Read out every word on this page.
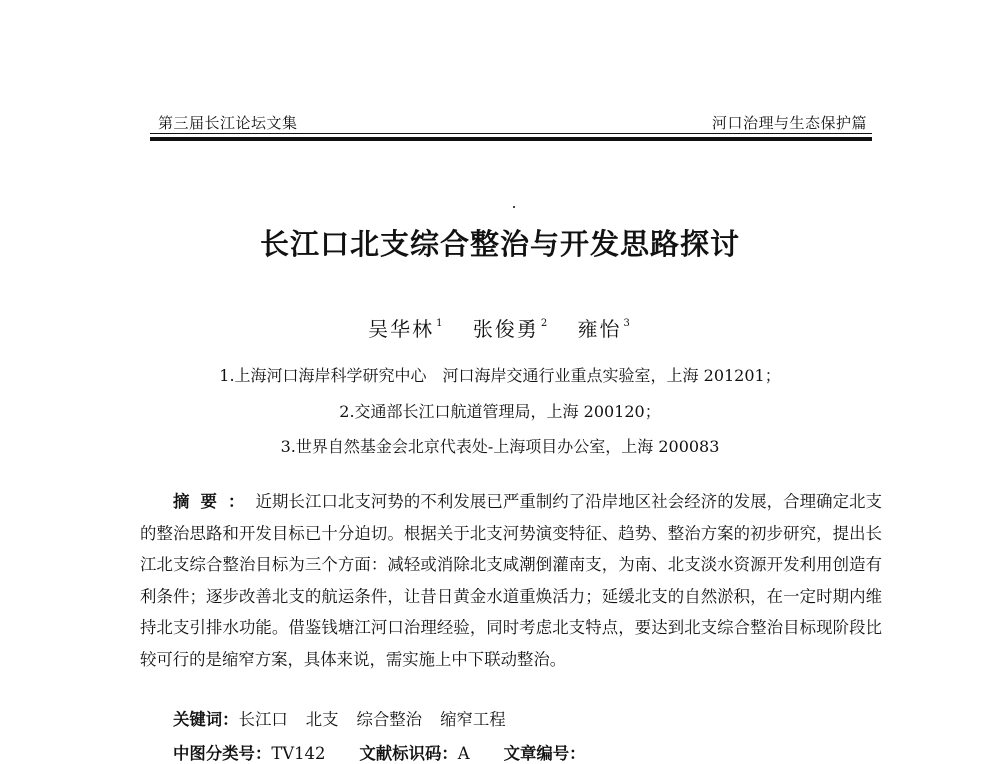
第三届长江论坛文集	河口治理与生态保护篇
长江口北支综合整治与开发思路探讨
吴华林 $^1$ 张俊勇 $^2$ 雍怡 $^3$
1.上海河口海岸科学研究中心　河口海岸交通行业重点实验室，上海 201201；
2.交通部长江口航道管理局，上海 200120；
3.世界自然基金会北京代表处-上海项目办公室，上海 200083
摘要：近期长江口北支河势的不利发展已严重制约了沿岸地区社会经济的发展，合理确定北支的整治思路和开发目标已十分迫切。根据关于北支河势演变特征、趋势、整治方案的初步研究，提出长江北支综合整治目标为三个方面：减轻或消除北支咸潮倒灌南支，为南、北支淡水资源开发利用创造有利条件；逐步改善北支的航运条件，让昔日黄金水道重焕活力；延缓北支的自然淤积，在一定时期内维持北支引排水功能。借鉴钱塘江河口治理经验，同时考虑北支特点，要达到北支综合整治目标现阶段比较可行的是缩窄方案，具体来说，需实施上中下联动整治。
关键词：长江口 北支 综合整治 缩窄工程
中图分类号：TV142 文献标识码：A 文章编号：
